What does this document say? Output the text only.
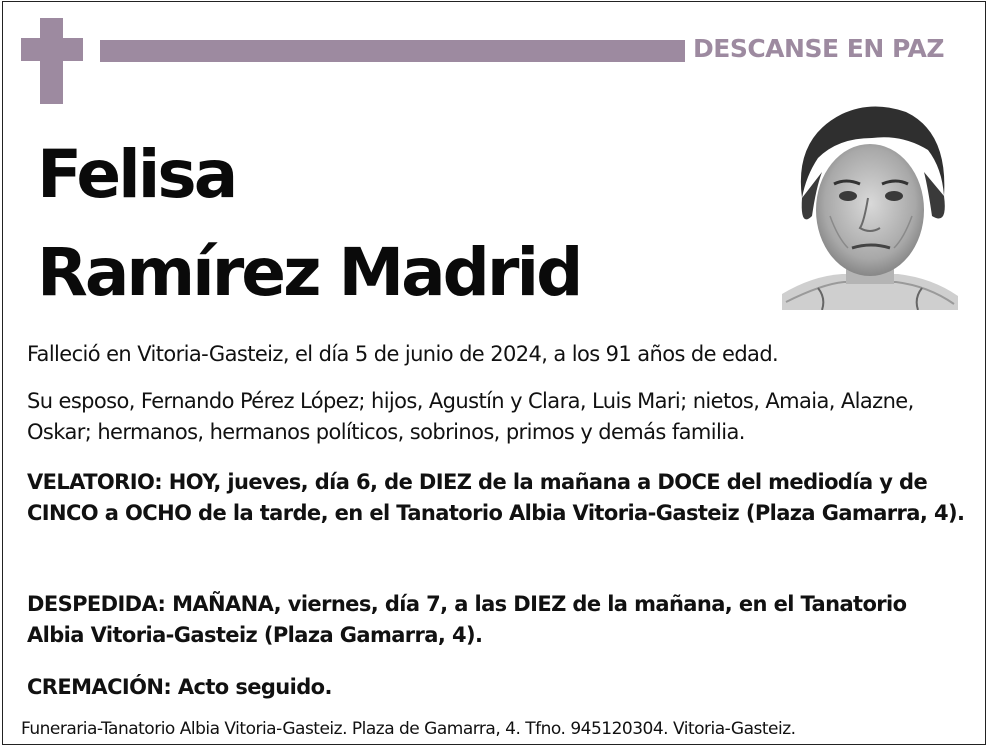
DESCANSE EN PAZ
Felisa
Ramírez Madrid
Falleció en Vitoria-Gasteiz, el día 5 de junio de 2024, a los 91 años de edad.
Su esposo, Fernando Pérez López; hijos, Agustín y Clara, Luis Mari; nietos, Amaia, Alazne, Oskar; hermanos, hermanos políticos, sobrinos, primos y demás familia.
VELATORIO: HOY, jueves, día 6, de DIEZ de la mañana a DOCE del mediodía y de CINCO a OCHO de la tarde, en el Tanatorio Albia Vitoria-Gasteiz (Plaza Gamarra, 4).
DESPEDIDA: MAÑANA, viernes, día 7, a las DIEZ de la mañana, en el Tanatorio Albia Vitoria-Gasteiz (Plaza Gamarra, 4).
CREMACIÓN: Acto seguido.
Funeraria-Tanatorio Albia Vitoria-Gasteiz. Plaza de Gamarra, 4. Tfno. 945120304. Vitoria-Gasteiz.
